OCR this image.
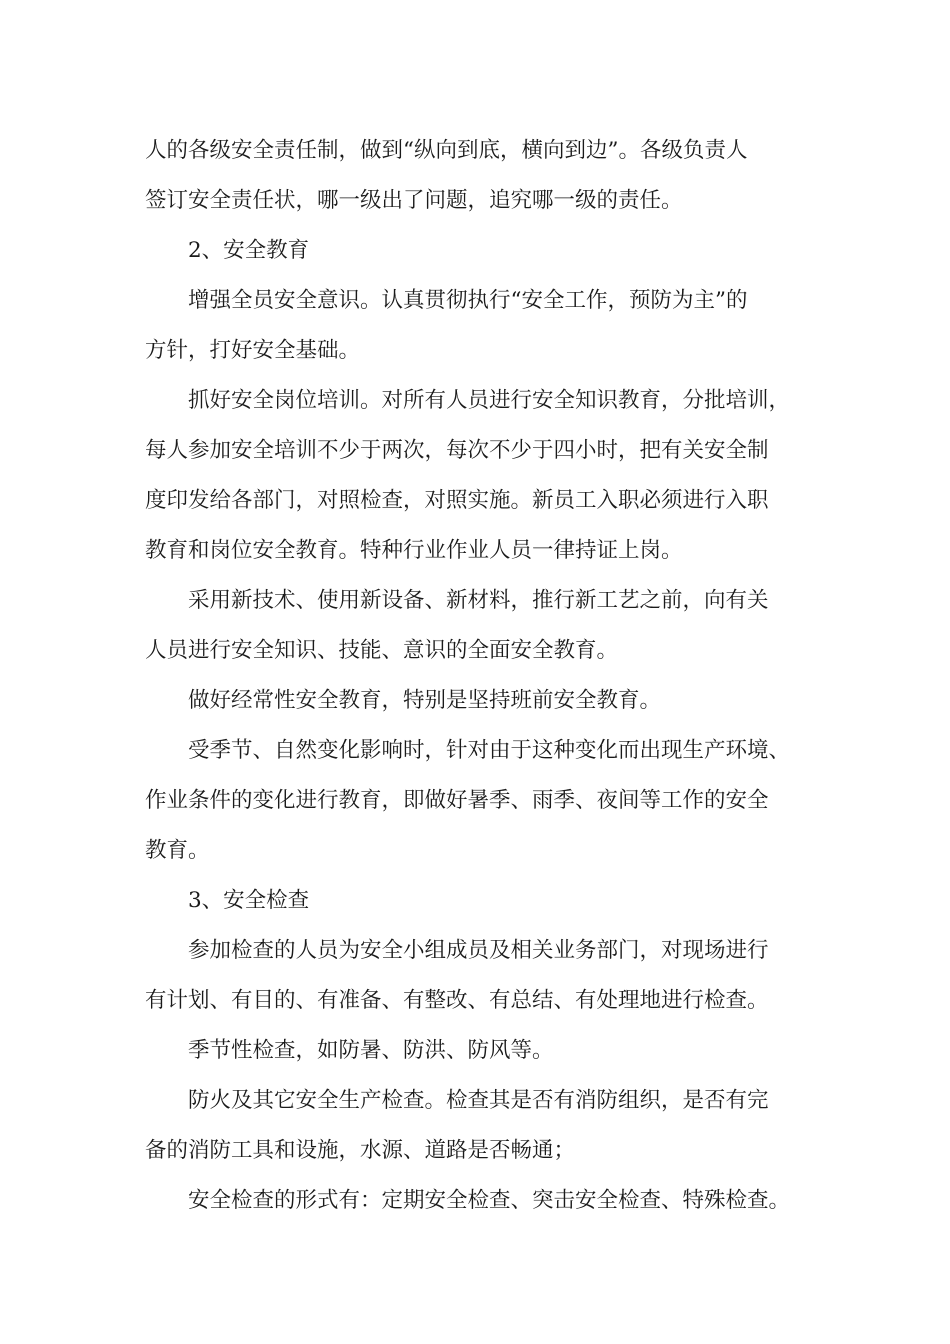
人的各级安全责任制，做到“纵向到底，横向到边”。各级负责人
签订安全责任状，哪一级出了问题，追究哪一级的责任。
2、安全教育
增强全员安全意识。认真贯彻执行“安全工作，预防为主”的
方针，打好安全基础。
抓好安全岗位培训。对所有人员进行安全知识教育，分批培训，
每人参加安全培训不少于两次，每次不少于四小时，把有关安全制
度印发给各部门，对照检查，对照实施。新员工入职必须进行入职
教育和岗位安全教育。特种行业作业人员一律持证上岗。
采用新技术、使用新设备、新材料，推行新工艺之前，向有关
人员进行安全知识、技能、意识的全面安全教育。
做好经常性安全教育，特别是坚持班前安全教育。
受季节、自然变化影响时，针对由于这种变化而出现生产环境、
作业条件的变化进行教育，即做好暑季、雨季、夜间等工作的安全
教育。
3、安全检查
参加检查的人员为安全小组成员及相关业务部门，对现场进行
有计划、有目的、有准备、有整改、有总结、有处理地进行检查。
季节性检查，如防暑、防洪、防风等。
防火及其它安全生产检查。检查其是否有消防组织，是否有完
备的消防工具和设施，水源、道路是否畅通；
安全检查的形式有：定期安全检查、突击安全检查、特殊检查。
